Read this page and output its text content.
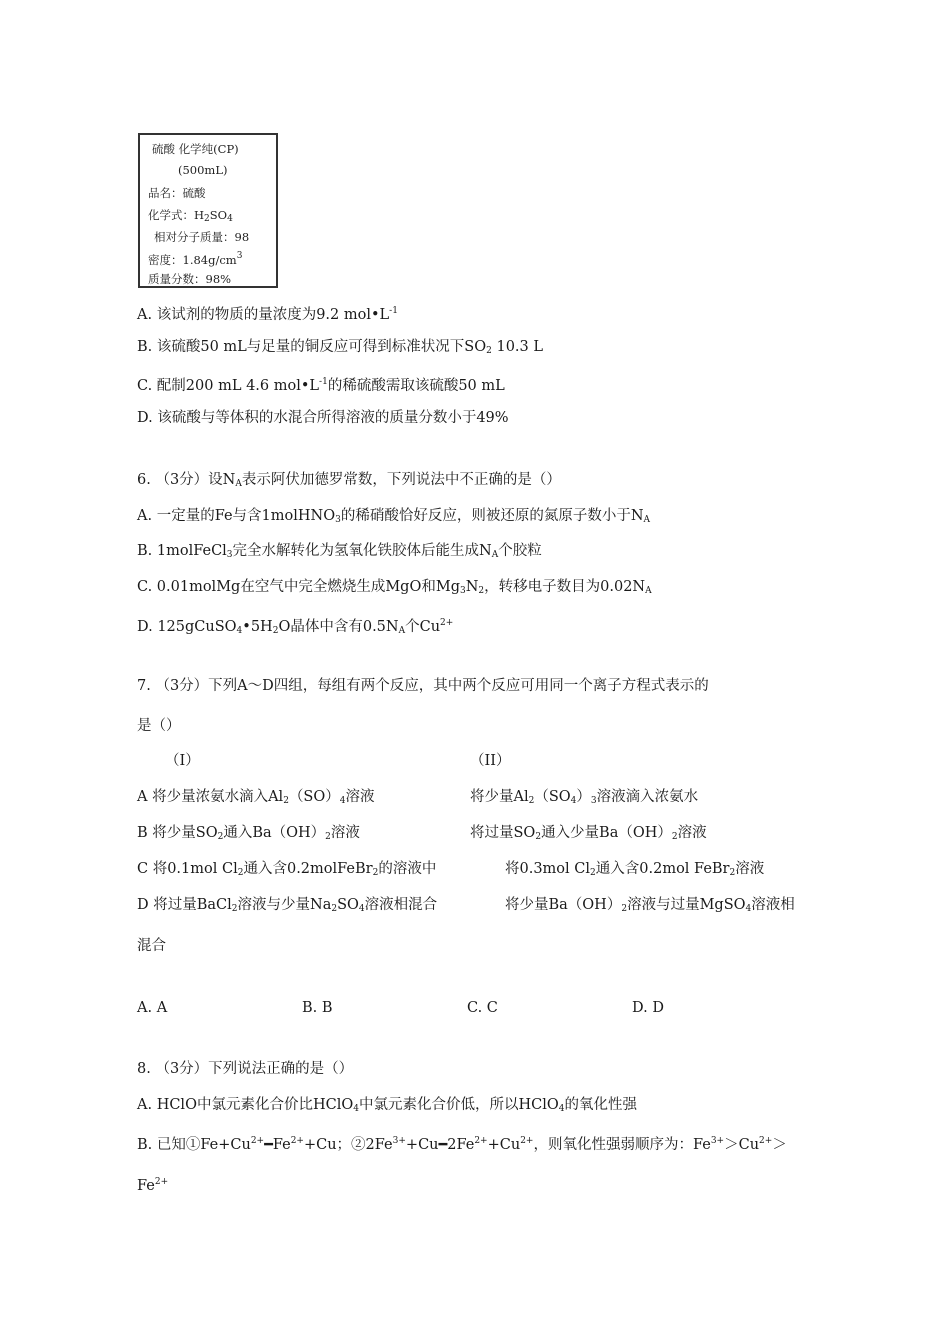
硫酸 化学纯(CP)
(500mL)
品名：硫酸
化学式：$H_2SO_4$
相对分子质量：98
密度：$1.84g/cm^3$
质量分数：98%
A. 该试剂的物质的量浓度为9.2 $mol•L^{-1}$
B. 该硫酸50 mL与足量的铜反应可得到标准状况下$SO_2$ 10.3 L
C. 配制200 mL 4.6 $mol•L^{-1}$的稀硫酸需取该硫酸50 mL
D. 该硫酸与等体积的水混合所得溶液的质量分数小于49%
6. （3分）设$N_A$表示阿伏加德罗常数，下列说法中不正确的是（）
A. 一定量的Fe与含1molHNO$_3$的稀硝酸恰好反应，则被还原的氮原子数小于$N_A$
B. 1molFeCl$_3$完全水解转化为氢氧化铁胶体后能生成$N_A$个胶粒
C. 0.01molMg在空气中完全燃烧生成MgO和$Mg_3N_2$，转移电子数目为$0.02N_A$
D. $125gCuSO_4•5H_2O$晶体中含有$0.5N_A$个$Cu^{2+}$
7. （3分）下列A～D四组，每组有两个反应，其中两个反应可用同一个离子方程式表示的
是（）
（I）	（II）
A 将少量浓氨水滴入$Al_2(SO)_4$溶液	将少量$Al_2(SO_4)_3$溶液滴入浓氨水
B 将少量$SO_2$通入$Ba(OH)_2$溶液	将过量$SO_2$通入少量$Ba(OH)_2$溶液
C 将0.1mol $Cl_2$通入含0.2molFeBr$_2$的溶液中	将0.3mol $Cl_2$通入含0.2mol FeBr$_2$溶液
D 将过量BaCl$_2$溶液与少量$Na_2SO_4$溶液相混合	将少量$Ba(OH)_2$溶液与过量MgSO$_4$溶液相
混合
A. A	B. B	C. C	D. D
8. （3分）下列说法正确的是（）
A. HClO中氯元素化合价比HClO$_4$中氯元素化合价低，所以HClO$_4$的氧化性强
B. 已知$①Fe+Cu^{2+}━Fe^{2+}+Cu$；$②2Fe^{3+}+Cu━2Fe^{2+}+Cu^{2+}$，则氧化性强弱顺序为：$Fe^{3+}>Cu^{2+}>$
$Fe^{2+}$
